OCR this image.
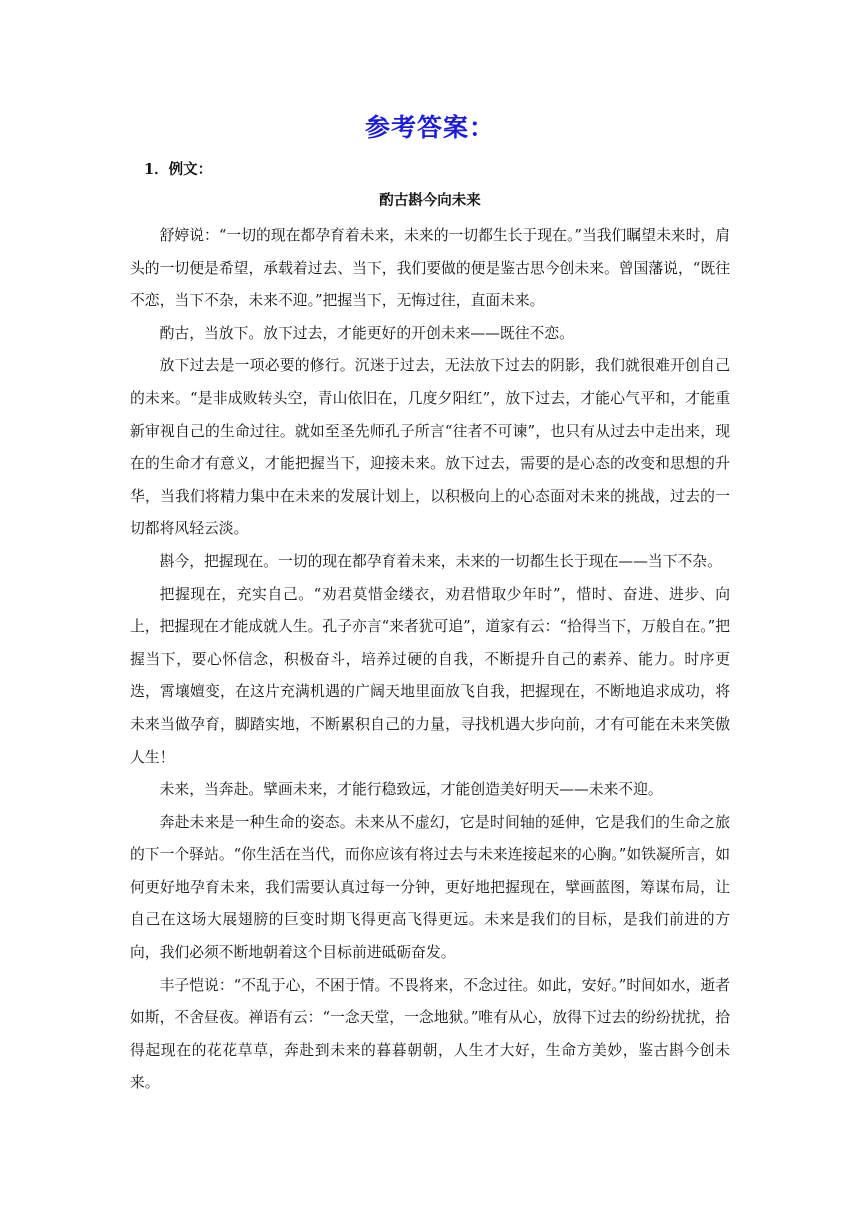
参考答案：
1．例文：
酌古斟今向未来

舒婷说：“一切的现在都孕育着未来，未来的一切都生长于现在。”当我们瞩望未来时，肩头的一切便是希望，承载着过去、当下，我们要做的便是鉴古思今创未来。曾国藩说，“既往不恋，当下不杂，未来不迎。”把握当下，无悔过往，直面未来。

酌古，当放下。放下过去，才能更好的开创未来——既往不恋。

放下过去是一项必要的修行。沉迷于过去，无法放下过去的阴影，我们就很难开创自己的未来。“是非成败转头空，青山依旧在，几度夕阳红”，放下过去，才能心气平和，才能重新审视自己的生命过往。就如至圣先师孔子所言“往者不可谏”，也只有从过去中走出来，现在的生命才有意义，才能把握当下，迎接未来。放下过去，需要的是心态的改变和思想的升华，当我们将精力集中在未来的发展计划上，以积极向上的心态面对未来的挑战，过去的一切都将风轻云淡。

斟今，把握现在。一切的现在都孕育着未来，未来的一切都生长于现在——当下不杂。

把握现在，充实自己。“劝君莫惜金缕衣，劝君惜取少年时”，惜时、奋进、进步、向上，把握现在才能成就人生。孔子亦言“来者犹可追”，道家有云：“拾得当下，万般自在。”把握当下，要心怀信念，积极奋斗，培养过硬的自我，不断提升自己的素养、能力。时序更迭，霄壤嬗变，在这片充满机遇的广阔天地里面放飞自我，把握现在，不断地追求成功，将未来当做孕育，脚踏实地，不断累积自己的力量，寻找机遇大步向前，才有可能在未来笑傲人生！

未来，当奔赴。擘画未来，才能行稳致远，才能创造美好明天——未来不迎。

奔赴未来是一种生命的姿态。未来从不虚幻，它是时间轴的延伸，它是我们的生命之旅的下一个驿站。“你生活在当代，而你应该有将过去与未来连接起来的心胸。”如铁凝所言，如何更好地孕育未来，我们需要认真过每一分钟，更好地把握现在，擘画蓝图，筹谋布局，让自己在这场大展翅膀的巨变时期飞得更高飞得更远。未来是我们的目标，是我们前进的方向，我们必须不断地朝着这个目标前进砥砺奋发。

丰子恺说：“不乱于心，不困于情。不畏将来，不念过往。如此，安好。”时间如水，逝者如斯，不舍昼夜。禅语有云：“一念天堂，一念地狱。”唯有从心，放得下过去的纷纷扰扰，拾得起现在的花花草草，奔赴到未来的暮暮朝朝，人生才大好，生命方美妙，鉴古斟今创未来。
